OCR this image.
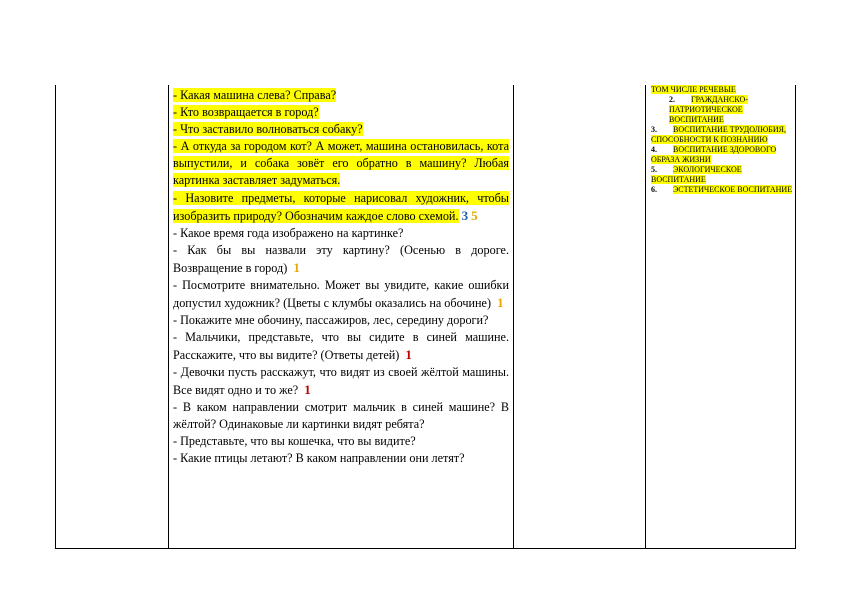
- Какая машина слева? Справа?

- Кто возвращается в город?

- Что заставило волноваться собаку?

- А откуда за городом кот? А может, машина остановилась, кота выпустили, и собака зовёт его обратно в машину? Любая картинка заставляет задуматься.

- Назовите предметы, которые нарисовал художник, чтобы изобразить природу? Обозначим каждое слово схемой. 3 5

- Какое время года изображено на картинке?

- Как бы вы назвали эту картину? (Осенью в дороге. Возвращение в город) 1

- Посмотрите внимательно. Может вы увидите, какие ошибки допустил художник? (Цветы с клумбы оказались на обочине) 1

- Покажите мне обочину, пассажиров, лес, середину дороги?

- Мальчики, представьте, что вы сидите в синей машине. Расскажите, что вы видите? (Ответы детей) 1

- Девочки пусть расскажут, что видят из своей жёлтой машины. Все видят одно и то же? 1

- В каком направлении смотрит мальчик в синей машине? В жёлтой? Одинаковые ли картинки видят ребята?

- Представьте, что вы кошечка, что вы видите?

- Какие птицы летают? В каком направлении они летят?

ТОМ ЧИСЛЕ РЕЧЕВЫЕ

2. ГРАЖДАНСКО-ПАТРИОТИЧЕСКОЕ ВОСПИТАНИЕ

3. ВОСПИТАНИЕ ТРУДОЛЮБИЯ, СПОСОБНОСТИ К ПОЗНАНИЮ

4. ВОСПИТАНИЕ ЗДОРОВОГО ОБРАЗА ЖИЗНИ

5. ЭКОЛОГИЧЕСКОЕ ВОСПИТАНИЕ

6. ЭСТЕТИЧЕСКОЕ ВОСПИТАНИЕ
